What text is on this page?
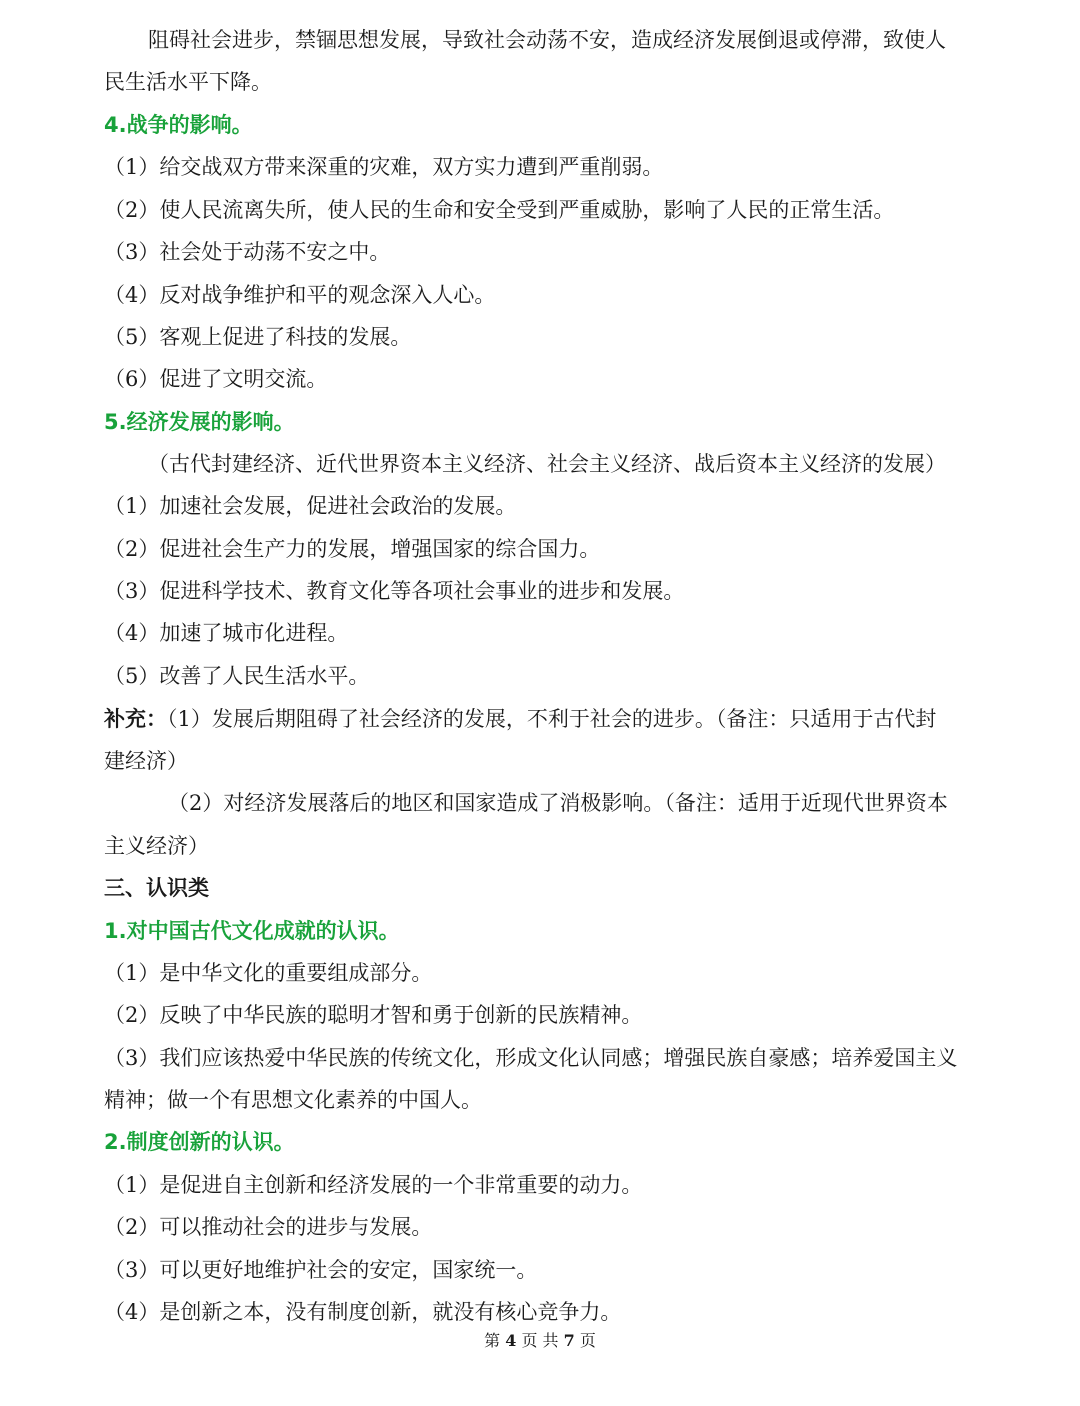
阻碍社会进步，禁锢思想发展，导致社会动荡不安，造成经济发展倒退或停滞，致使人

民生活水平下降。

4.战争的影响。

（1）给交战双方带来深重的灾难，双方实力遭到严重削弱。

（2）使人民流离失所，使人民的生命和安全受到严重威胁，影响了人民的正常生活。

（3）社会处于动荡不安之中。

（4）反对战争维护和平的观念深入人心。

（5）客观上促进了科技的发展。

（6）促进了文明交流。

5.经济发展的影响。

（古代封建经济、近代世界资本主义经济、社会主义经济、战后资本主义经济的发展）

（1）加速社会发展，促进社会政治的发展。

（2）促进社会生产力的发展，增强国家的综合国力。

（3）促进科学技术、教育文化等各项社会事业的进步和发展。

（4）加速了城市化进程。

（5）改善了人民生活水平。

补充：（1）发展后期阻碍了社会经济的发展，不利于社会的进步。（备注：只适用于古代封

建经济）

（2）对经济发展落后的地区和国家造成了消极影响。（备注：适用于近现代世界资本

主义经济）

三、认识类

1.对中国古代文化成就的认识。

（1）是中华文化的重要组成部分。

（2）反映了中华民族的聪明才智和勇于创新的民族精神。

（3）我们应该热爱中华民族的传统文化，形成文化认同感；增强民族自豪感；培养爱国主义

精神；做一个有思想文化素养的中国人。

2.制度创新的认识。

（1）是促进自主创新和经济发展的一个非常重要的动力。

（2）可以推动社会的进步与发展。

（3）可以更好地维护社会的安定，国家统一。

（4）是创新之本，没有制度创新，就没有核心竞争力。

第 4 页 共 7 页
